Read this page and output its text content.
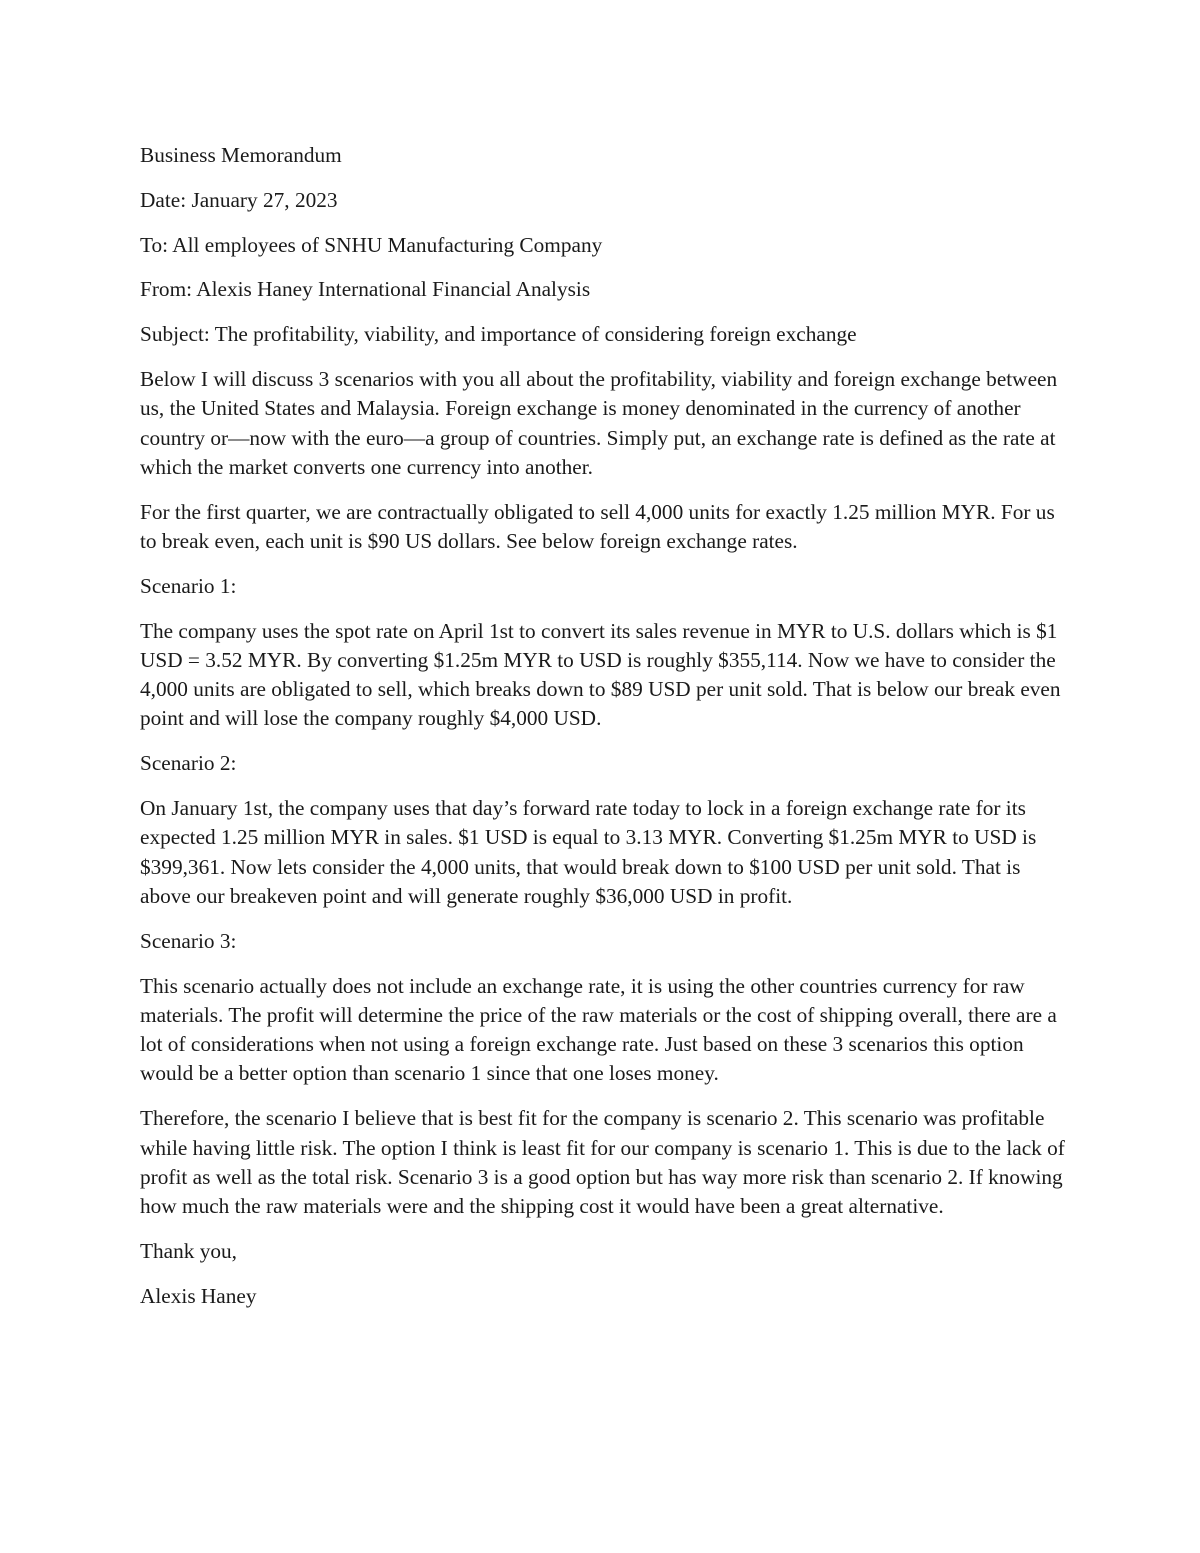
Business Memorandum

Date: January 27, 2023

To: All employees of SNHU Manufacturing Company

From: Alexis Haney International Financial Analysis

Subject: The profitability, viability, and importance of considering foreign exchange

Below I will discuss 3 scenarios with you all about the profitability, viability and foreign exchange between us, the United States and Malaysia. Foreign exchange is money denominated in the currency of another country or—now with the euro—a group of countries. Simply put, an exchange rate is defined as the rate at which the market converts one currency into another.

For the first quarter, we are contractually obligated to sell 4,000 units for exactly 1.25 million MYR. For us to break even, each unit is $90 US dollars. See below foreign exchange rates.

Scenario 1:

The company uses the spot rate on April 1st to convert its sales revenue in MYR to U.S. dollars which is $1 USD = 3.52 MYR. By converting $1.25m MYR to USD is roughly $355,114. Now we have to consider the 4,000 units are obligated to sell, which breaks down to $89 USD per unit sold. That is below our break even point and will lose the company roughly $4,000 USD.

Scenario 2:

On January 1st, the company uses that day’s forward rate today to lock in a foreign exchange rate for its expected 1.25 million MYR in sales. $1 USD is equal to 3.13 MYR. Converting $1.25m MYR to USD is $399,361. Now lets consider the 4,000 units, that would break down to $100 USD per unit sold. That is above our breakeven point and will generate roughly $36,000 USD in profit.

Scenario 3:

This scenario actually does not include an exchange rate, it is using the other countries currency for raw materials. The profit will determine the price of the raw materials or the cost of shipping overall, there are a lot of considerations when not using a foreign exchange rate. Just based on these 3 scenarios this option would be a better option than scenario 1 since that one loses money.

Therefore, the scenario I believe that is best fit for the company is scenario 2. This scenario was profitable while having little risk. The option I think is least fit for our company is scenario 1. This is due to the lack of profit as well as the total risk. Scenario 3 is a good option but has way more risk than scenario 2. If knowing how much the raw materials were and the shipping cost it would have been a great alternative.

Thank you,

Alexis Haney
